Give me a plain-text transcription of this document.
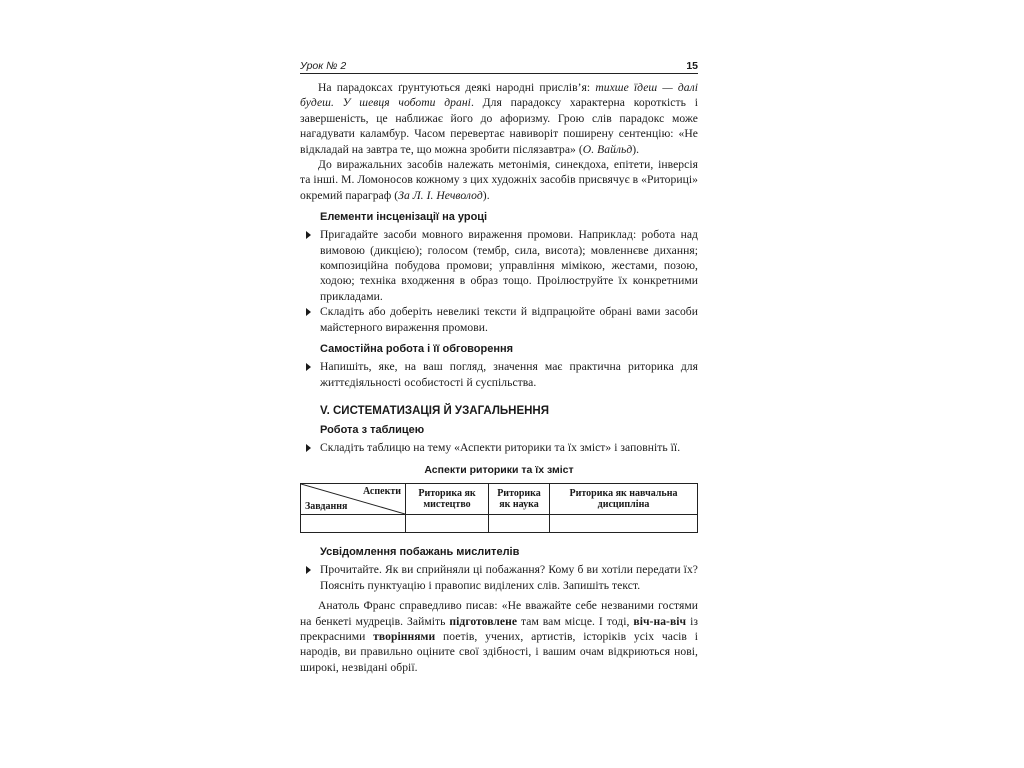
Урок № 2	15

На парадоксах ґрунтуються деякі народні прислів’я: тихше їдеш — далі будеш. У шевця чоботи драні. Для парадоксу характерна короткість і завершеність, це наближає його до афоризму. Грою слів парадокс може нагадувати каламбур. Часом перевертає навиворіт поширену сентенцію: «Не відкладай на завтра те, що можна зробити післязавтра» (О. Вайльд).

До виражальних засобів належать метонімія, синекдоха, епітети, інверсія та інші. М. Ломоносов кожному з цих художніх засобів присвячує в «Риториці» окремий параграф (За Л. І. Нечволод).

Елементи інсценізації на уроці
Пригадайте засоби мовного вираження промови. Наприклад: робота над вимовою (дикцією); голосом (тембр, сила, висота); мовленнєве дихання; композиційна побудова промови; управління мімікою, жестами, позою, ходою; техніка входження в образ тощо. Проілюструйте їх конкретними прикладами.
Складіть або доберіть невеликі тексти й відпрацюйте обрані вами засоби майстерного вираження промови.
Самостійна робота і її обговорення
Напишіть, яке, на ваш погляд, значення має практична риторика для життєдіяльності особистості й суспільства.
V. СИСТЕМАТИЗАЦІЯ Й УЗАГАЛЬНЕННЯ
Робота з таблицею
Складіть таблицю на тему «Аспекти риторики та їх зміст» і заповніть її.
Аспекти риторики та їх зміст
Аспекти
Завдання	Риторика як мистецтво	Риторика як наука	Риторика як навчальна дисципліна

Усвідомлення побажань мислителів
Прочитайте. Як ви сприйняли ці побажання? Кому б ви хотіли передати їх? Поясніть пунктуацію і правопис виділених слів. Запишіть текст.

Анатоль Франс справедливо писав: «Не вважайте себе незваними гостями на бенкеті мудреців. Займіть підготовлене там вам місце. І тоді, віч-на-віч із прекрасними творіннями поетів, учених, артистів, історіків усіх часів і народів, ви правильно оціните свої здібності, і вашим очам відкриються нові, широкі, незвідані обрії.
